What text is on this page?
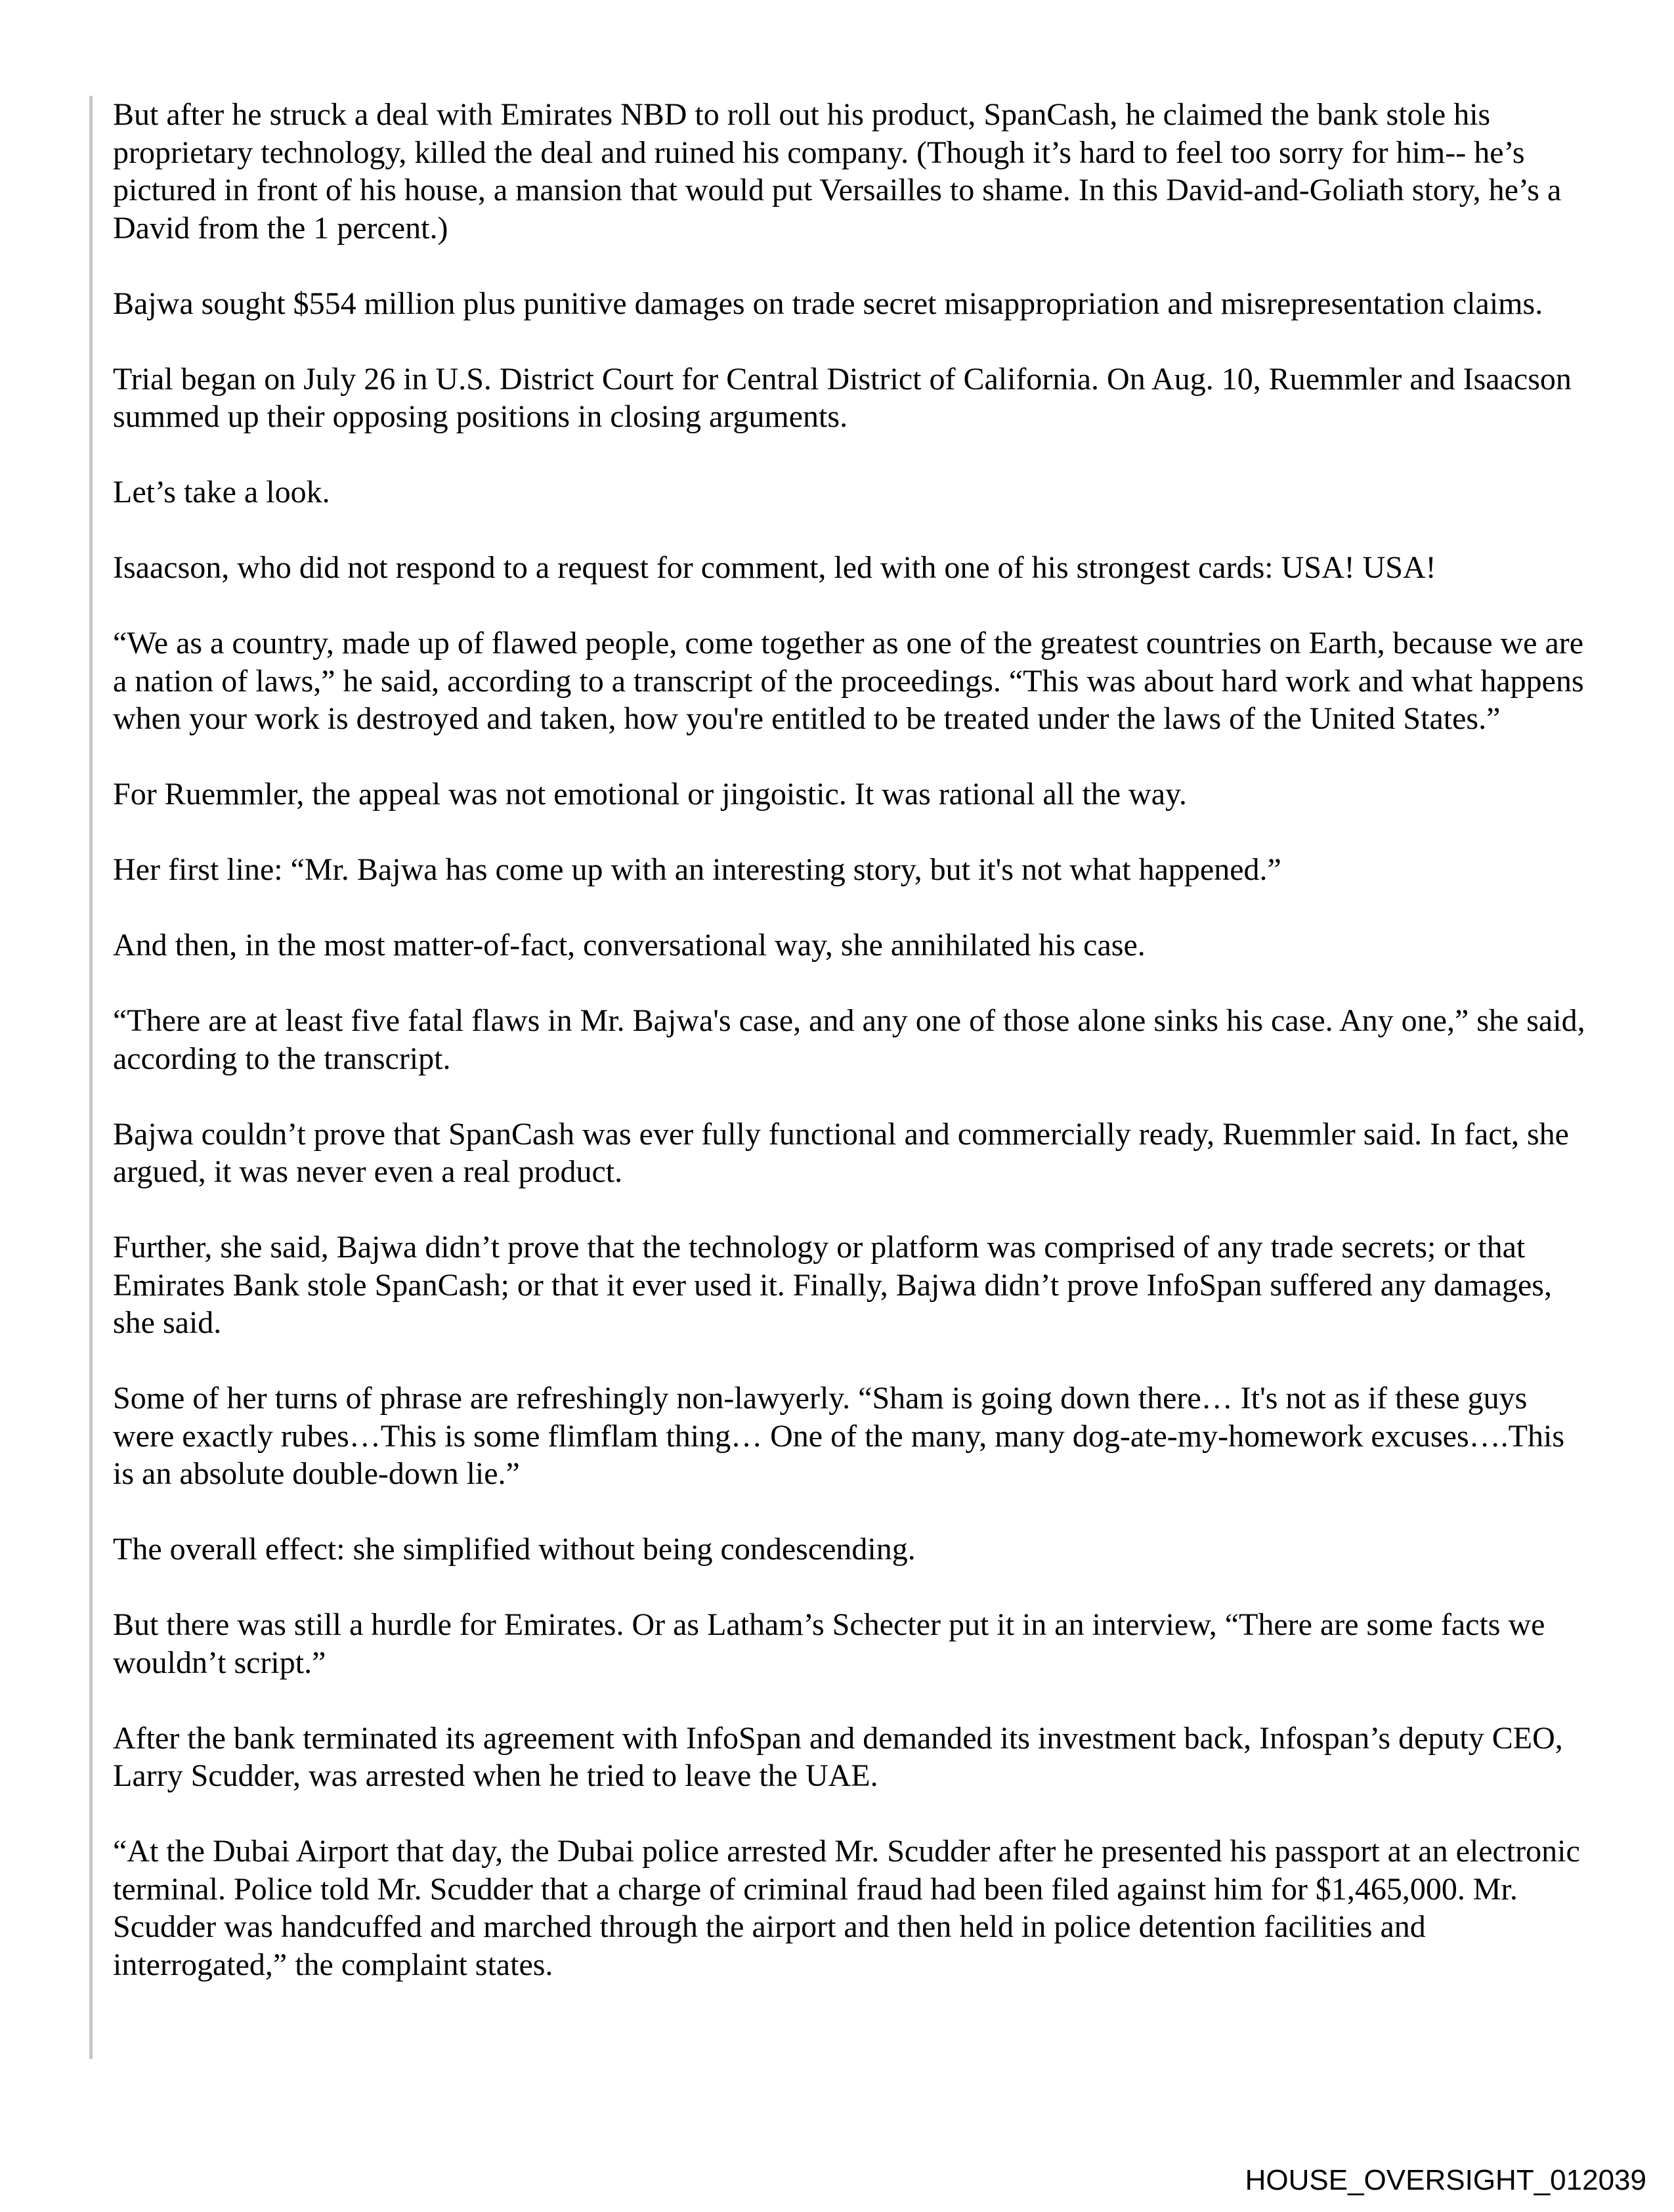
But after he struck a deal with Emirates NBD to roll out his product, SpanCash, he claimed the bank stole his proprietary technology, killed the deal and ruined his company. (Though it’s hard to feel too sorry for him-- he’s pictured in front of his house, a mansion that would put Versailles to shame. In this David-and-Goliath story, he’s a David from the 1 percent.)

Bajwa sought $554 million plus punitive damages on trade secret misappropriation and misrepresentation claims.

Trial began on July 26 in U.S. District Court for Central District of California. On Aug. 10, Ruemmler and Isaacson summed up their opposing positions in closing arguments.

Let’s take a look.

Isaacson, who did not respond to a request for comment, led with one of his strongest cards: USA! USA!

“We as a country, made up of flawed people, come together as one of the greatest countries on Earth, because we are a nation of laws,” he said, according to a transcript of the proceedings. “This was about hard work and what happens when your work is destroyed and taken, how you're entitled to be treated under the laws of the United States.”

For Ruemmler, the appeal was not emotional or jingoistic. It was rational all the way.

Her first line: “Mr. Bajwa has come up with an interesting story, but it's not what happened.”

And then, in the most matter-of-fact, conversational way, she annihilated his case.

“There are at least five fatal flaws in Mr. Bajwa's case, and any one of those alone sinks his case. Any one,” she said, according to the transcript.

Bajwa couldn’t prove that SpanCash was ever fully functional and commercially ready, Ruemmler said. In fact, she argued, it was never even a real product.

Further, she said, Bajwa didn’t prove that the technology or platform was comprised of any trade secrets; or that Emirates Bank stole SpanCash; or that it ever used it. Finally, Bajwa didn’t prove InfoSpan suffered any damages, she said.

Some of her turns of phrase are refreshingly non-lawyerly. “Sham is going down there… It's not as if these guys were exactly rubes…This is some flimflam thing… One of the many, many dog-ate-my-homework excuses….This is an absolute double-down lie.”

The overall effect: she simplified without being condescending.

But there was still a hurdle for Emirates. Or as Latham’s Schecter put it in an interview, “There are some facts we wouldn’t script.”

After the bank terminated its agreement with InfoSpan and demanded its investment back, Infospan’s deputy CEO, Larry Scudder, was arrested when he tried to leave the UAE.

“At the Dubai Airport that day, the Dubai police arrested Mr. Scudder after he presented his passport at an electronic terminal. Police told Mr. Scudder that a charge of criminal fraud had been filed against him for $1,465,000. Mr. Scudder was handcuffed and marched through the airport and then held in police detention facilities and interrogated,” the complaint states.

HOUSE_OVERSIGHT_012039
